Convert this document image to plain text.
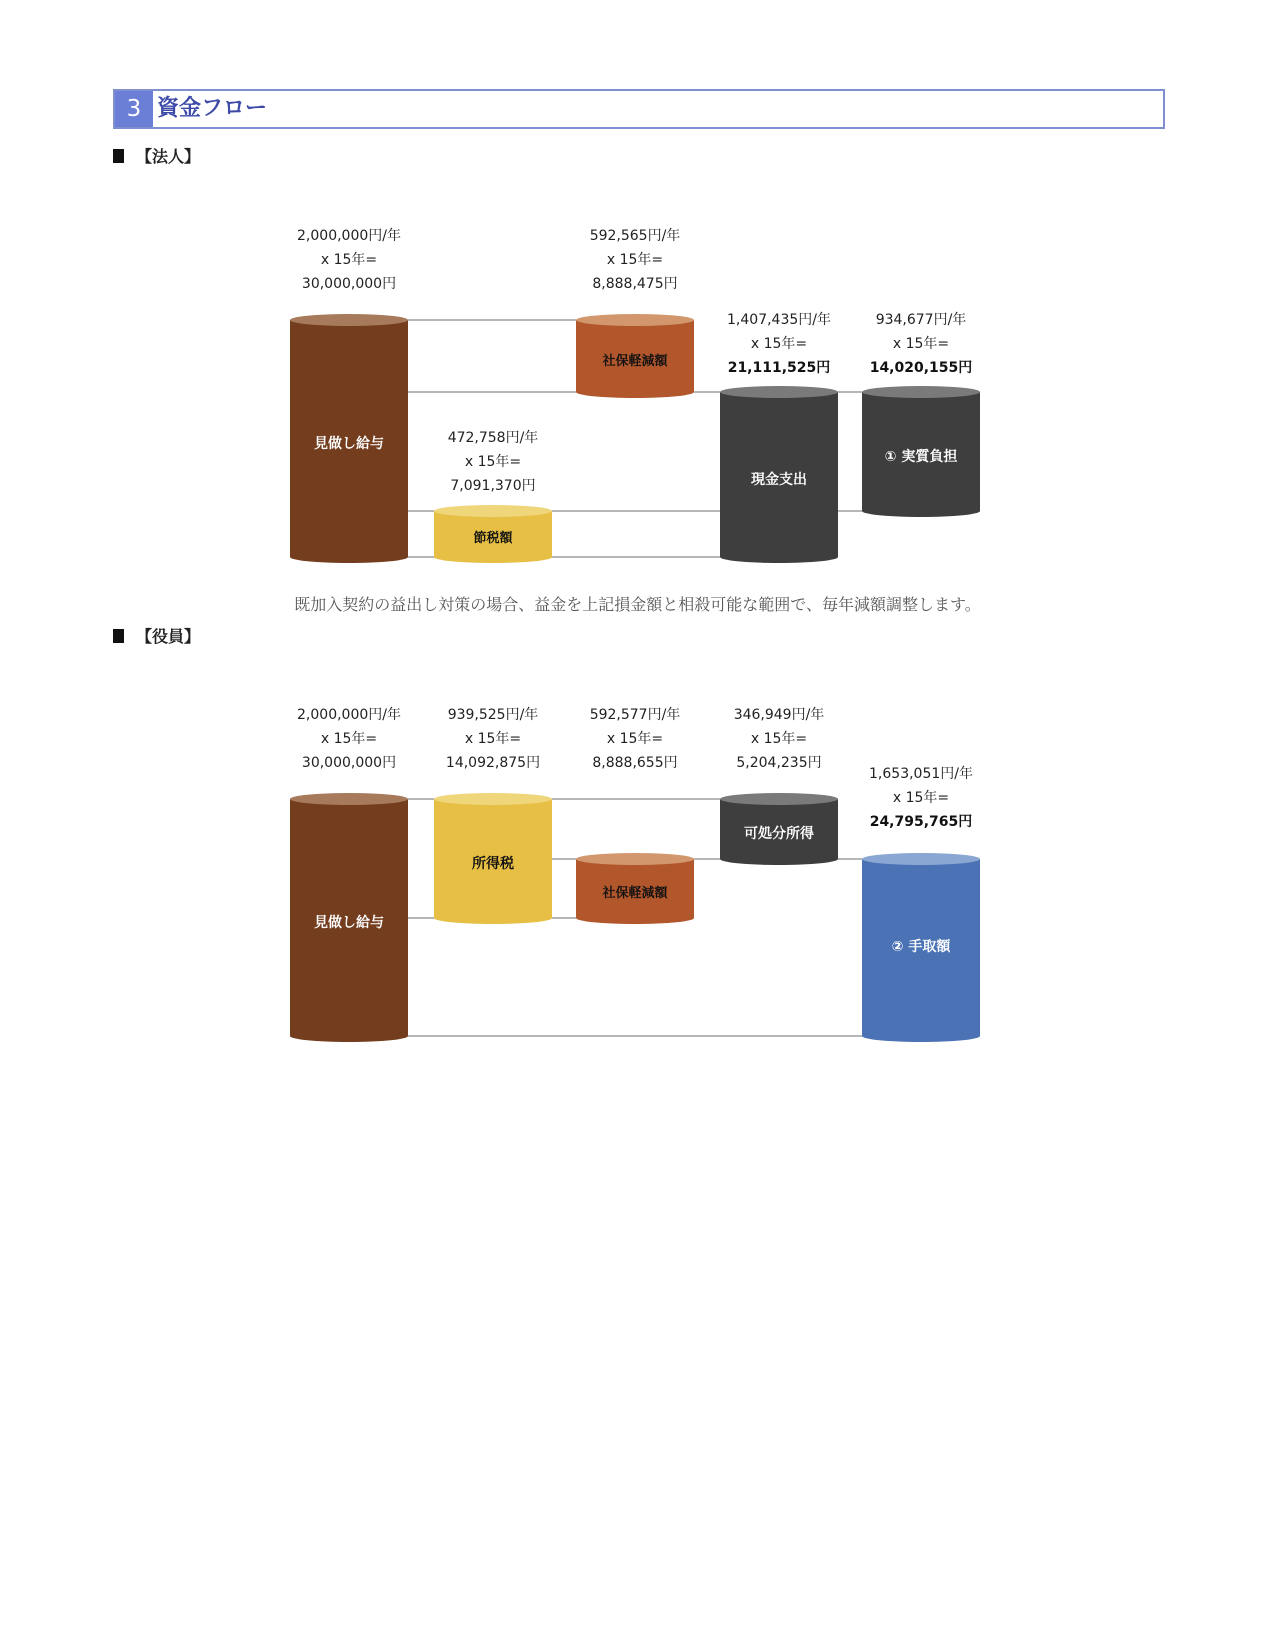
3 資金フロー
【法人】
【役員】
既加入契約の益出し対策の場合、益金を上記損金額と相殺可能な範囲で、毎年減額調整します。
見做し給与
社保軽減額
節税額
現金支出
① 実質負担
見做し給与
所得税
社保軽減額
可処分所得
② 手取額
2,000,000円/年
x 15年=
30,000,000円
592,565円/年
x 15年=
8,888,475円
472,758円/年
x 15年=
7,091,370円
1,407,435円/年
x 15年=
21,111,525円
934,677円/年
x 15年=
14,020,155円
2,000,000円/年
x 15年=
30,000,000円
939,525円/年
x 15年=
14,092,875円
592,577円/年
x 15年=
8,888,655円
346,949円/年
x 15年=
5,204,235円
1,653,051円/年
x 15年=
24,795,765円
